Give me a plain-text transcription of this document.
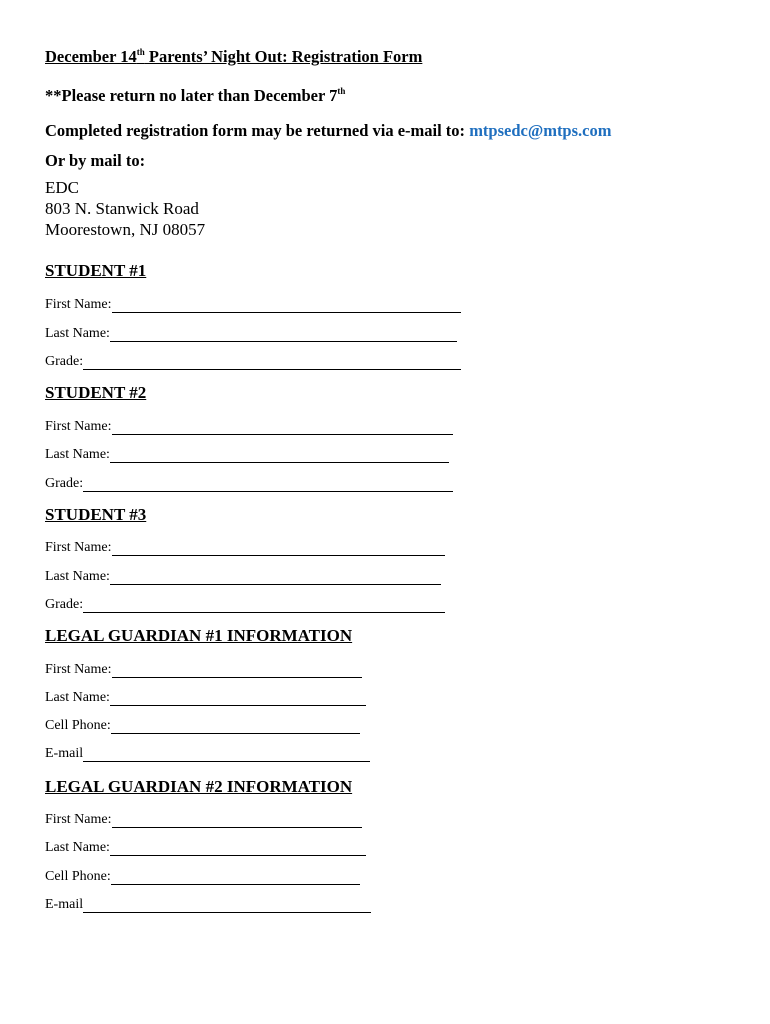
December 14th Parents’ Night Out: Registration Form
**Please return no later than December 7th
Completed registration form may be returned via e-mail to: mtpsedc@mtps.com
Or by mail to:
EDC
803 N. Stanwick Road
Moorestown, NJ 08057
STUDENT #1
First Name:
Last Name:
Grade:
STUDENT #2
First Name:
Last Name:
Grade:
STUDENT #3
First Name:
Last Name:
Grade:
LEGAL GUARDIAN #1 INFORMATION
First Name:
Last Name:
Cell Phone:
E-mail
LEGAL GUARDIAN #2 INFORMATION
First Name:
Last Name:
Cell Phone:
E-mail
